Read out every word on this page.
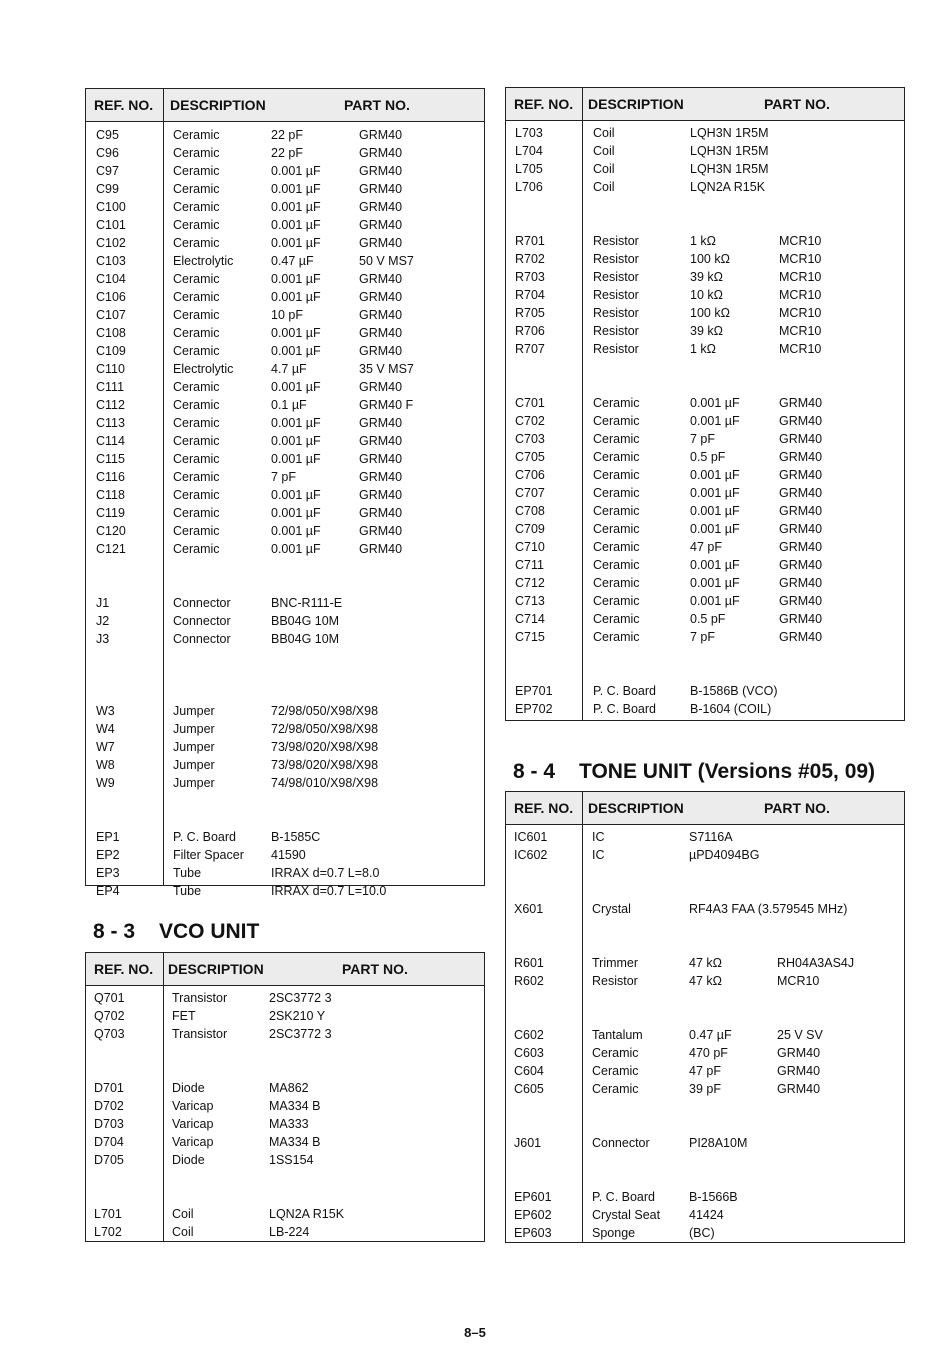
REF. NO. DESCRIPTION	PART NO.
C95	Ceramic	22 pF	GRM40
C96	Ceramic	22 pF	GRM40
C97	Ceramic	0.001 µF	GRM40
C99	Ceramic	0.001 µF	GRM40
C100	Ceramic	0.001 µF	GRM40
C101	Ceramic	0.001 µF	GRM40
C102	Ceramic	0.001 µF	GRM40
C103	Electrolytic	0.47 µF	50 V MS7
C104	Ceramic	0.001 µF	GRM40
C106	Ceramic	0.001 µF	GRM40
C107	Ceramic	10 pF	GRM40
C108	Ceramic	0.001 µF	GRM40
C109	Ceramic	0.001 µF	GRM40
C110	Electrolytic	4.7 µF	35 V MS7
C111	Ceramic	0.001 µF	GRM40
C112	Ceramic	0.1 µF	GRM40 F
C113	Ceramic	0.001 µF	GRM40
C114	Ceramic	0.001 µF	GRM40
C115	Ceramic	0.001 µF	GRM40
C116	Ceramic	7 pF	GRM40
C118	Ceramic	0.001 µF	GRM40
C119	Ceramic	0.001 µF	GRM40
C120	Ceramic	0.001 µF	GRM40
C121	Ceramic	0.001 µF	GRM40
J1	Connector	BNC-R111-E
J2	Connector	BB04G 10M
J3	Connector	BB04G 10M
W3	Jumper	72/98/050/X98/X98
W4	Jumper	72/98/050/X98/X98
W7	Jumper	73/98/020/X98/X98
W8	Jumper	73/98/020/X98/X98
W9	Jumper	74/98/010/X98/X98
EP1	P. C. Board	B-1585C
EP2	Filter Spacer 41590
EP3	Tube	IRRAX d=0.7 L=8.0
EP4	Tube	IRRAX d=0.7 L=10.0
8 - 3 VCO UNIT
REF. NO. DESCRIPTION	PART NO.
Q701	Transistor	2SC3772 3
Q702	FET	2SK210 Y
Q703	Transistor	2SC3772 3
D701	Diode	MA862
D702	Varicap	MA334 B
D703	Varicap	MA333
D704	Varicap	MA334 B
D705	Diode	1SS154
L701	Coil	LQN2A R15K
L702	Coil	LB-224
REF. NO. DESCRIPTION	PART NO.
L703	Coil	LQH3N 1R5M
L704	Coil	LQH3N 1R5M
L705	Coil	LQH3N 1R5M
L706	Coil	LQN2A R15K
R701	Resistor	1 kΩ	MCR10
R702	Resistor	100 kΩ	MCR10
R703	Resistor	39 kΩ	MCR10
R704	Resistor	10 kΩ	MCR10
R705	Resistor	100 kΩ	MCR10
R706	Resistor	39 kΩ	MCR10
R707	Resistor	1 kΩ	MCR10
C701	Ceramic	0.001 µF	GRM40
C702	Ceramic	0.001 µF	GRM40
C703	Ceramic	7 pF	GRM40
C705	Ceramic	0.5 pF	GRM40
C706	Ceramic	0.001 µF	GRM40
C707	Ceramic	0.001 µF	GRM40
C708	Ceramic	0.001 µF	GRM40
C709	Ceramic	0.001 µF	GRM40
C710	Ceramic	47 pF	GRM40
C711	Ceramic	0.001 µF	GRM40
C712	Ceramic	0.001 µF	GRM40
C713	Ceramic	0.001 µF	GRM40
C714	Ceramic	0.5 pF	GRM40
C715	Ceramic	7 pF	GRM40
EP701	P. C. Board	B-1586B (VCO)
EP702	P. C. Board	B-1604 (COIL)
8 - 4 TONE UNIT (Versions #05, 09)
REF. NO. DESCRIPTION	PART NO.
IC601	IC	S7116A
IC602	IC	µPD4094BG
X601	Crystal	RF4A3 FAA (3.579545 MHz)
R601	Trimmer	47 kΩ	RH04A3AS4J
R602	Resistor	47 kΩ	MCR10
C602	Tantalum	0.47 µF	25 V SV
C603	Ceramic	470 pF	GRM40
C604	Ceramic	47 pF	GRM40
C605	Ceramic	39 pF	GRM40
J601	Connector	PI28A10M
EP601	P. C. Board	B-1566B
EP602	Crystal Seat 41424
EP603	Sponge	(BC)
8–5
